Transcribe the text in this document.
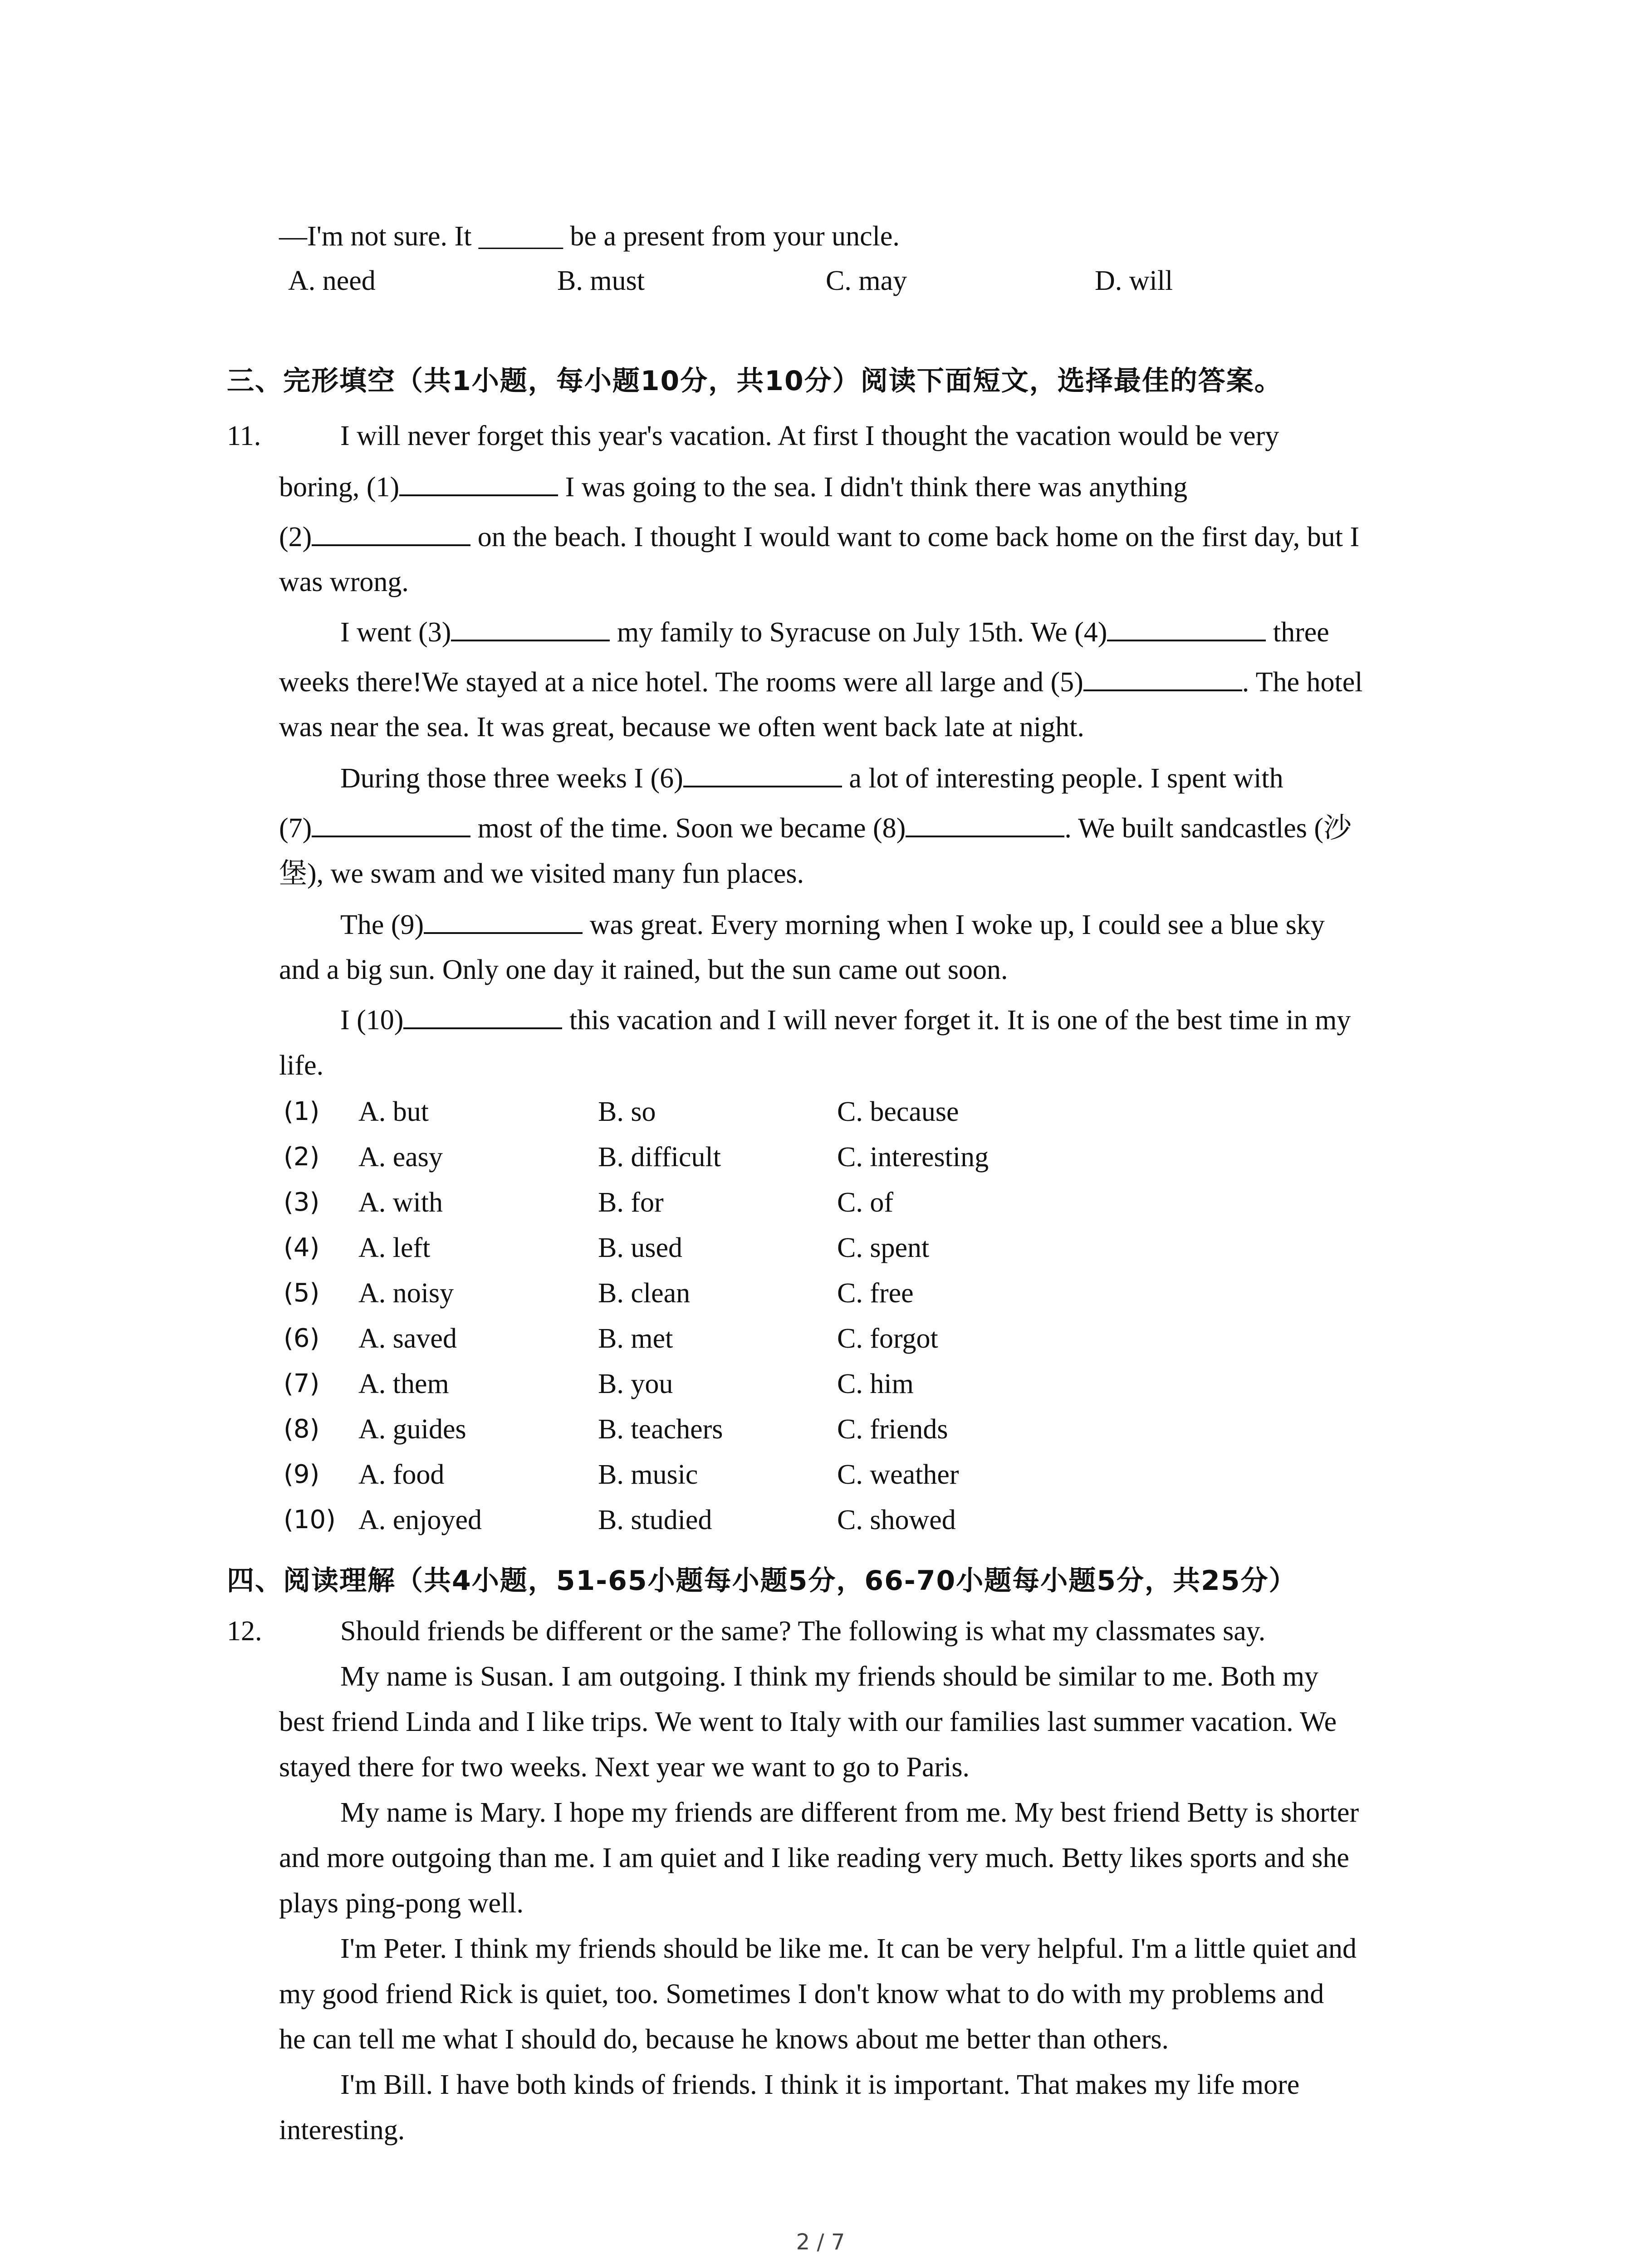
—I'm not sure. It ______ be a present from your uncle.
A. need	B. must	C. may	D. will
三、完形填空（共1小题，每小题10分，共10分）阅读下面短文，选择最佳的答案。
11.	I will never forget this year's vacation. At first I thought the vacation would be very
boring, (1)	I was going to the sea. I didn't think there was anything
(2)	on the beach. I thought I would want to come back home on the first day, but I
was wrong.
I went (3)	my family to Syracuse on July 15th. We (4)	three
weeks there!We stayed at a nice hotel. The rooms were all large and (5)	. The hotel
was near the sea. It was great, because we often went back late at night.
During those three weeks I (6)	a lot of interesting people. I spent with
(7)	most of the time. Soon we became (8)	. We built sandcastles (沙
堡), we swam and we visited many fun places.
The (9)	was great. Every morning when I woke up, I could see a blue sky
and a big sun. Only one day it rained, but the sun came out soon.
I (10)	this vacation and I will never forget it. It is one of the best time in my
life.
(1) A. but	B. so	C. because
(2) A. easy	B. difficult	C. interesting
(3) A. with	B. for	C. of
(4) A. left	B. used	C. spent
(5) A. noisy	B. clean	C. free
(6) A. saved	B. met	C. forgot
(7) A. them	B. you	C. him
(8) A. guides	B. teachers	C. friends
(9) A. food	B. music	C. weather
(10) A. enjoyed	B. studied	C. showed
四、阅读理解（共4小题，51-65小题每小题5分，66-70小题每小题5分，共25分）
12.	Should friends be different or the same? The following is what my classmates say.
My name is Susan. I am outgoing. I think my friends should be similar to me. Both my
best friend Linda and I like trips. We went to Italy with our families last summer vacation. We
stayed there for two weeks. Next year we want to go to Paris.
My name is Mary. I hope my friends are different from me. My best friend Betty is shorter
and more outgoing than me. I am quiet and I like reading very much. Betty likes sports and she
plays ping-pong well.
I'm Peter. I think my friends should be like me. It can be very helpful. I'm a little quiet and
my good friend Rick is quiet, too. Sometimes I don't know what to do with my problems and
he can tell me what I should do, because he knows about me better than others.
I'm Bill. I have both kinds of friends. I think it is important. That makes my life more
interesting.
2 / 7
